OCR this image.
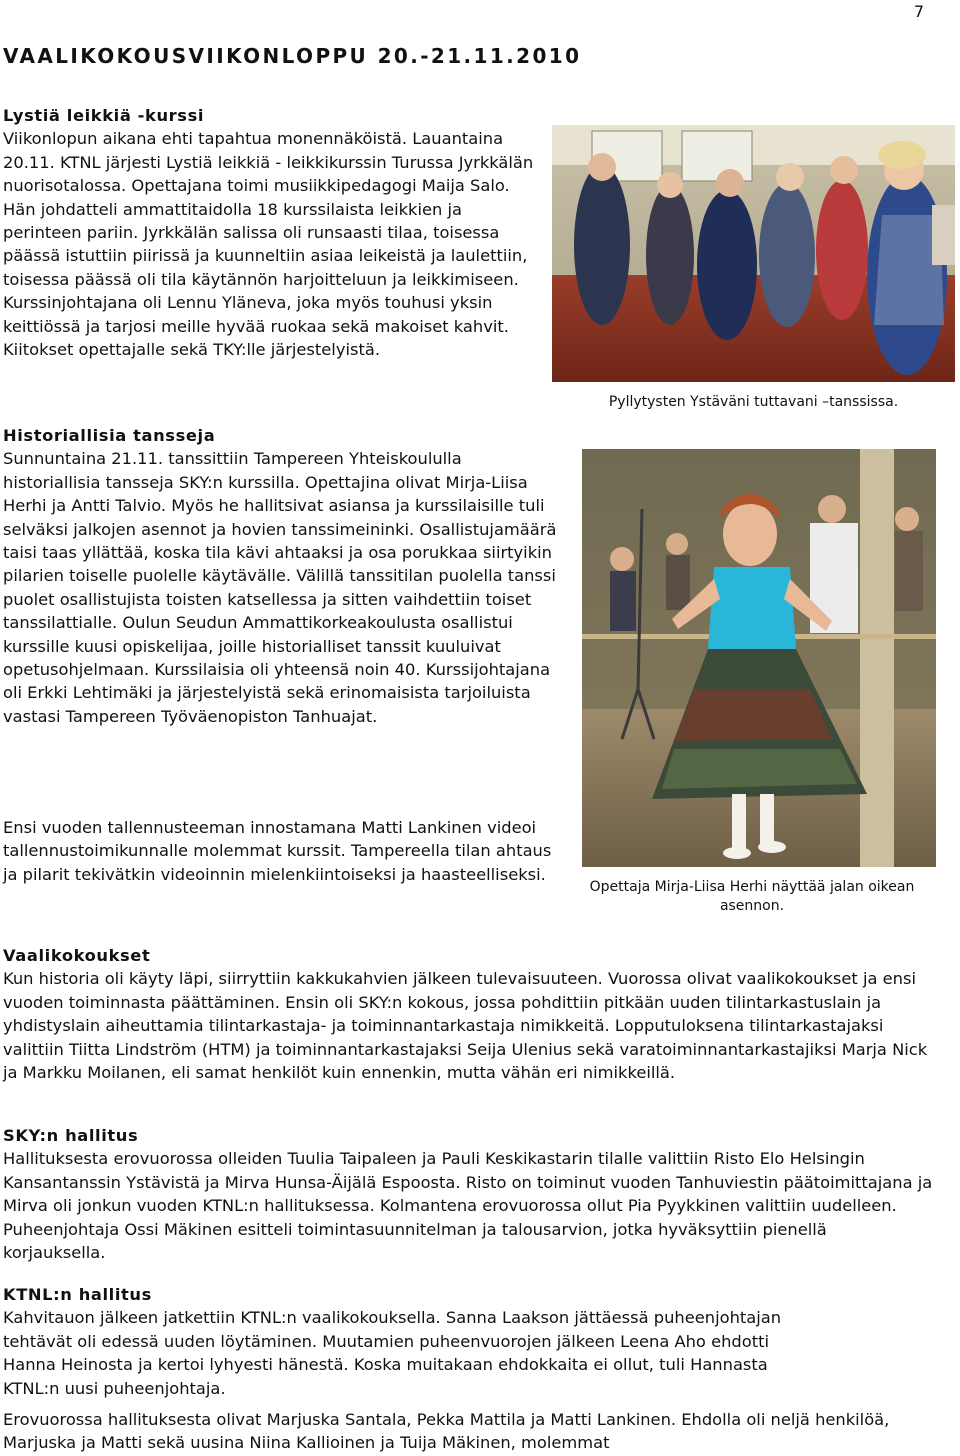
7
VAALIKOKOUSVIIKONLOPPU 20.-21.11.2010
Lystiä leikkiä -kurssi

Viikonlopun aikana ehti tapahtua monennäköistä. Lauantaina 20.11. KTNL järjesti Lystiä leikkiä - leikkikurssin Turussa Jyrkkälän nuorisotalossa. Opettajana toimi musiikkipedagogi Maija Salo. Hän johdatteli ammattitaidolla 18 kurssilaista leikkien ja perinteen pariin. Jyrkkälän salissa oli runsaasti tilaa, toisessa päässä istuttiin piirissä ja kuunneltiin asiaa leikeistä ja laulettiin, toisessa päässä oli tila käytännön harjoitteluun ja leikkimiseen. Kurssinjohtajana oli Lennu Yläneva, joka myös touhusi yksin keittiössä ja tarjosi meille hyvää ruokaa sekä makoiset kahvit. Kiitokset opettajalle sekä TKY:lle järjestelyistä.

Historiallisia tansseja

Sunnuntaina 21.11. tanssittiin Tampereen Yhteiskoululla historiallisia tansseja SKY:n kurssilla. Opettajina olivat Mirja-Liisa Herhi ja Antti Talvio. Myös he hallitsivat asiansa ja kurssilaisille tuli selväksi jalkojen asennot ja hovien tanssimeininki. Osallistujamäärä taisi taas yllättää, koska tila kävi ahtaaksi ja osa porukkaa siirtyikin pilarien toiselle puolelle käytävälle. Välillä tanssitilan puolella tanssi puolet osallistujista toisten katsellessa ja sitten vaihdettiin toiset tanssilattialle. Oulun Seudun Ammattikorkeakoulusta osallistui kurssille kuusi opiskelijaa, joille historialliset tanssit kuuluivat opetusohjelmaan. Kurssilaisia oli yhteensä noin 40. Kurssijohtajana oli Erkki Lehtimäki ja järjestelyistä sekä erinomaisista tarjoiluista vastasi Tampereen Työväenopiston Tanhuajat.

Ensi vuoden tallennusteeman innostamana Matti Lankinen videoi tallennustoimikunnalle molemmat kurssit. Tampereella tilan ahtaus ja pilarit tekivätkin videoinnin mielenkiintoiseksi ja haasteelliseksi.

Pyllytysten Ystäväni tuttavani –tanssissa.
Opettaja Mirja-Liisa Herhi näyttää jalan oikean asennon.
Vaalikokoukset

Kun historia oli käyty läpi, siirryttiin kakkukahvien jälkeen tulevaisuuteen. Vuorossa olivat vaalikokoukset ja ensi vuoden toiminnasta päättäminen. Ensin oli SKY:n kokous, jossa pohdittiin pitkään uuden tilintarkastuslain ja yhdistyslain aiheuttamia tilintarkastaja- ja toiminnantarkastaja nimikkeitä. Lopputuloksena tilintarkastajaksi valittiin Tiitta Lindström (HTM) ja toiminnantarkastajaksi Seija Ulenius sekä varatoiminnantarkastajiksi Marja Nick ja Markku Moilanen, eli samat henkilöt kuin ennenkin, mutta vähän eri nimikkeillä.

SKY:n hallitus

Hallituksesta erovuorossa olleiden Tuulia Taipaleen ja Pauli Keskikastarin tilalle valittiin Risto Elo Helsingin Kansantanssin Ystävistä ja Mirva Hunsa-Äijälä Espoosta. Risto on toiminut vuoden Tanhuviestin päätoimittajana ja Mirva oli jonkun vuoden KTNL:n hallituksessa. Kolmantena erovuorossa ollut Pia Pyykkinen valittiin uudelleen. Puheenjohtaja Ossi Mäkinen esitteli toimintasuunnitelman ja talousarvion, jotka hyväksyttiin pienellä korjauksella.

KTNL:n hallitus

Kahvitauon jälkeen jatkettiin KTNL:n vaalikokouksella. Sanna Laakson jättäessä puheenjohtajan tehtävät oli edessä uuden löytäminen. Muutamien puheenvuorojen jälkeen Leena Aho ehdotti Hanna Heinosta ja kertoi lyhyesti hänestä. Koska muitakaan ehdokkaita ei ollut, tuli Hannasta KTNL:n uusi puheenjohtaja.

Erovuorossa hallituksesta olivat Marjuska Santala, Pekka Mattila ja Matti Lankinen. Ehdolla oli neljä henkilöä, Marjuska ja Matti sekä uusina Niina Kallioinen ja Tuija Mäkinen, molemmat
